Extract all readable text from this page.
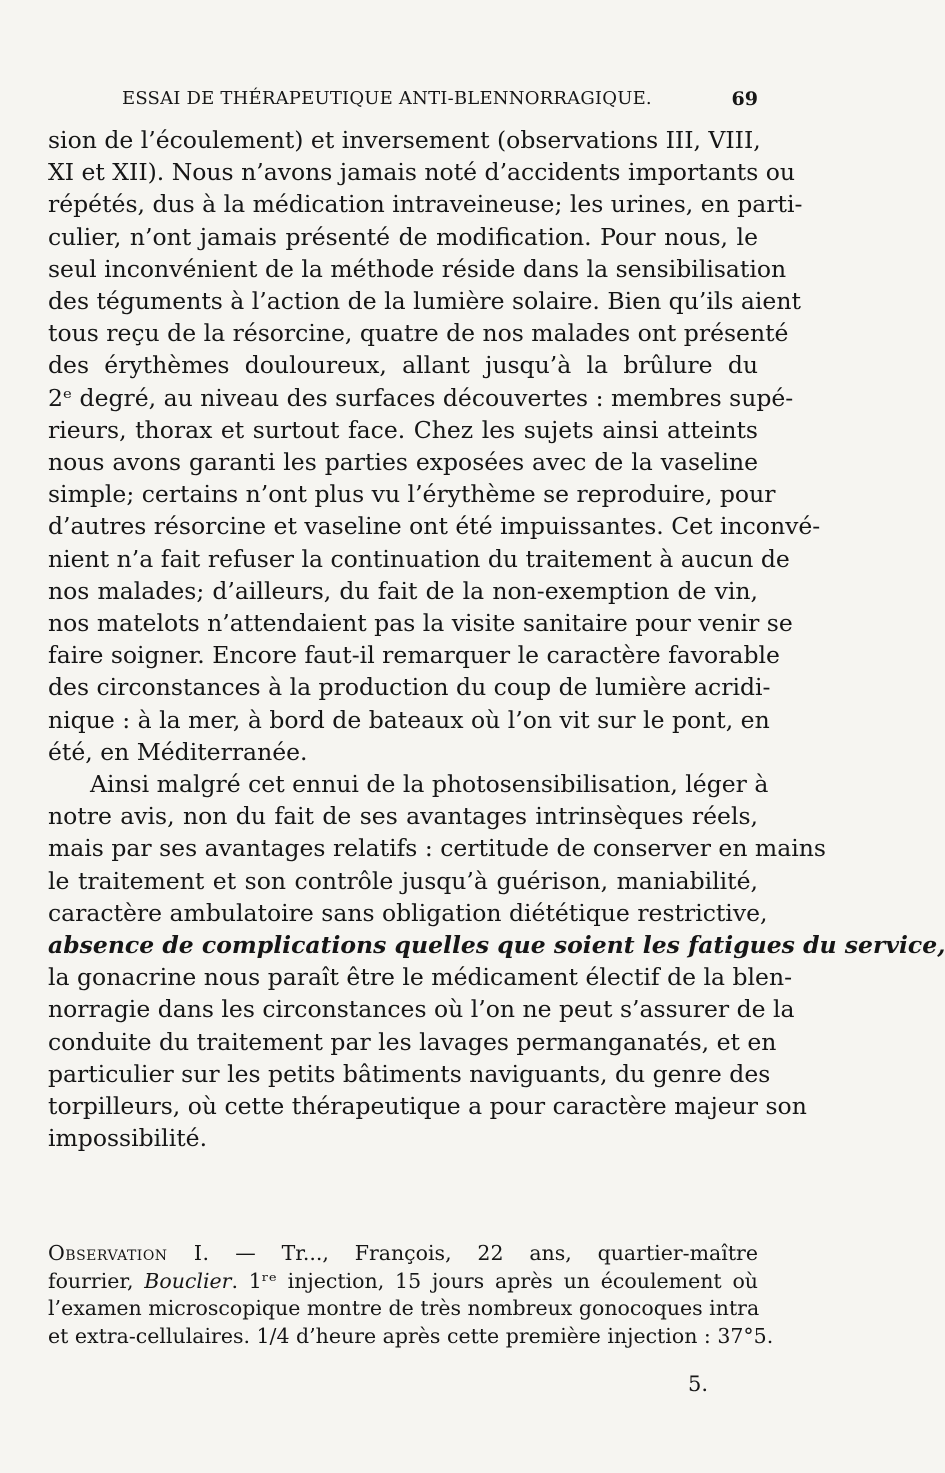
ESSAI DE THÉRAPEUTIQUE ANTI-BLENNORRAGIQUE.	69
sion de l’écoulement) et inversement (observations III, VIII,
XI et XII). Nous n’avons jamais noté d’accidents importants ou
répétés, dus à la médication intraveineuse; les urines, en parti-
culier, n’ont jamais présenté de modification. Pour nous, le
seul inconvénient de la méthode réside dans la sensibilisation
des téguments à l’action de la lumière solaire. Bien qu’ils aient
tous reçu de la résorcine, quatre de nos malades ont présenté
des érythèmes douloureux, allant jusqu’à la brûlure du
2ᵉ degré, au niveau des surfaces découvertes : membres supé-
rieurs, thorax et surtout face. Chez les sujets ainsi atteints
nous avons garanti les parties exposées avec de la vaseline
simple; certains n’ont plus vu l’érythème se reproduire, pour
d’autres résorcine et vaseline ont été impuissantes. Cet inconvé-
nient n’a fait refuser la continuation du traitement à aucun de
nos malades; d’ailleurs, du fait de la non-exemption de vin,
nos matelots n’attendaient pas la visite sanitaire pour venir se
faire soigner. Encore faut-il remarquer le caractère favorable
des circonstances à la production du coup de lumière acridi-
nique : à la mer, à bord de bateaux où l’on vit sur le pont, en
été, en Méditerranée.
Ainsi malgré cet ennui de la photosensibilisation, léger à
notre avis, non du fait de ses avantages intrinsèques réels,
mais par ses avantages relatifs : certitude de conserver en mains
le traitement et son contrôle jusqu’à guérison, maniabilité,
caractère ambulatoire sans obligation diététique restrictive,
absence de complications quelles que soient les fatigues du service,
la gonacrine nous paraît être le médicament électif de la blen-
norragie dans les circonstances où l’on ne peut s’assurer de la
conduite du traitement par les lavages permanganatés, et en
particulier sur les petits bâtiments naviguants, du genre des
torpilleurs, où cette thérapeutique a pour caractère majeur son
impossibilité.
Observation I. — Tr..., François, 22 ans, quartier-maître
fourrier, Bouclier. 1ʳᵉ injection, 15 jours après un écoulement où
l’examen microscopique montre de très nombreux gonocoques intra
et extra-cellulaires. 1/4 d’heure après cette première injection : 37°5.
5.
